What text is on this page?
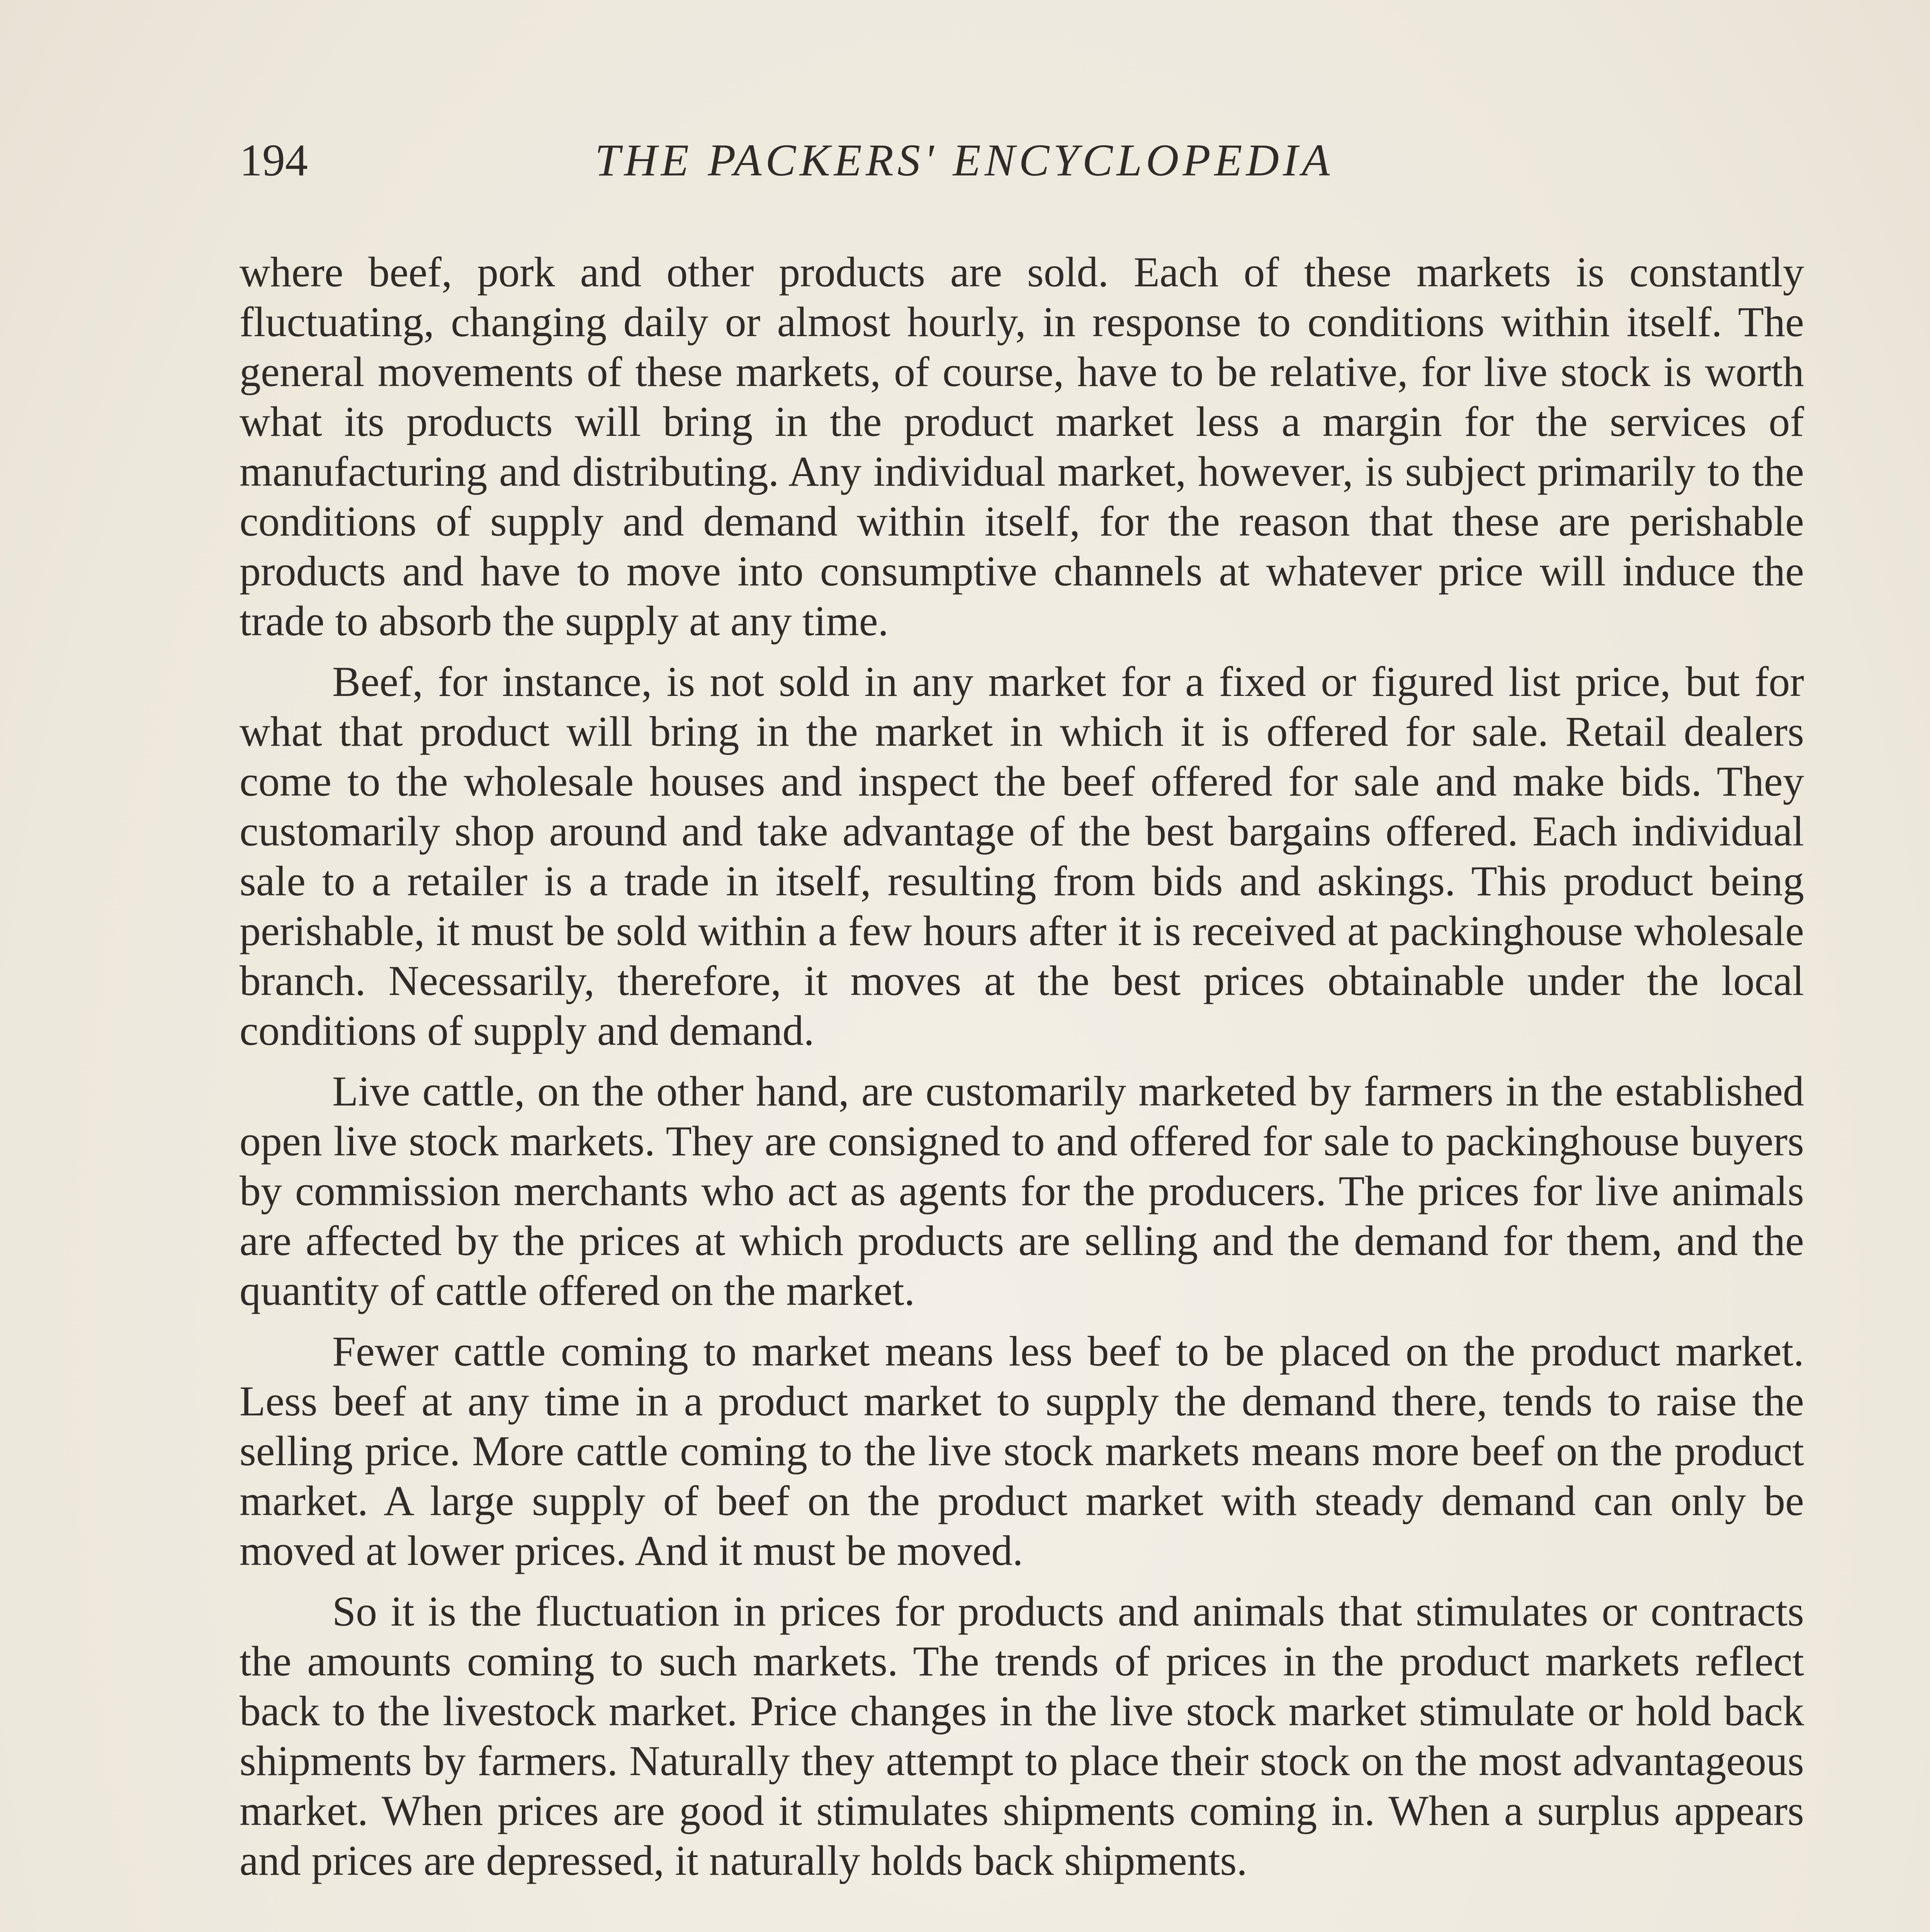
194	THE PACKERS' ENCYCLOPEDIA

where beef, pork and other products are sold. Each of these markets is constantly fluctuating, changing daily or almost hourly, in response to conditions within itself. The general movements of these markets, of course, have to be relative, for live stock is worth what its products will bring in the product market less a margin for the services of manufacturing and distributing. Any individual market, however, is subject primarily to the conditions of supply and demand within itself, for the reason that these are perishable products and have to move into consumptive channels at whatever price will induce the trade to absorb the supply at any time.

Beef, for instance, is not sold in any market for a fixed or figured list price, but for what that product will bring in the market in which it is offered for sale. Retail dealers come to the wholesale houses and inspect the beef offered for sale and make bids. They customarily shop around and take advantage of the best bargains offered. Each individual sale to a retailer is a trade in itself, resulting from bids and askings. This product being perishable, it must be sold within a few hours after it is received at packinghouse wholesale branch. Necessarily, therefore, it moves at the best prices obtainable under the local conditions of supply and demand.

Live cattle, on the other hand, are customarily marketed by farmers in the established open live stock markets. They are consigned to and offered for sale to packinghouse buyers by commission merchants who act as agents for the producers. The prices for live animals are affected by the prices at which products are selling and the demand for them, and the quantity of cattle offered on the market.

Fewer cattle coming to market means less beef to be placed on the product market. Less beef at any time in a product market to supply the demand there, tends to raise the selling price. More cattle coming to the live stock markets means more beef on the product market. A large supply of beef on the product market with steady demand can only be moved at lower prices. And it must be moved.

So it is the fluctuation in prices for products and animals that stimulates or contracts the amounts coming to such markets. The trends of prices in the product markets reflect back to the livestock market. Price changes in the live stock market stimulate or hold back shipments by farmers. Naturally they attempt to place their stock on the most advantageous market. When prices are good it stimulates shipments coming in. When a surplus appears and prices are depressed, it naturally holds back shipments.
